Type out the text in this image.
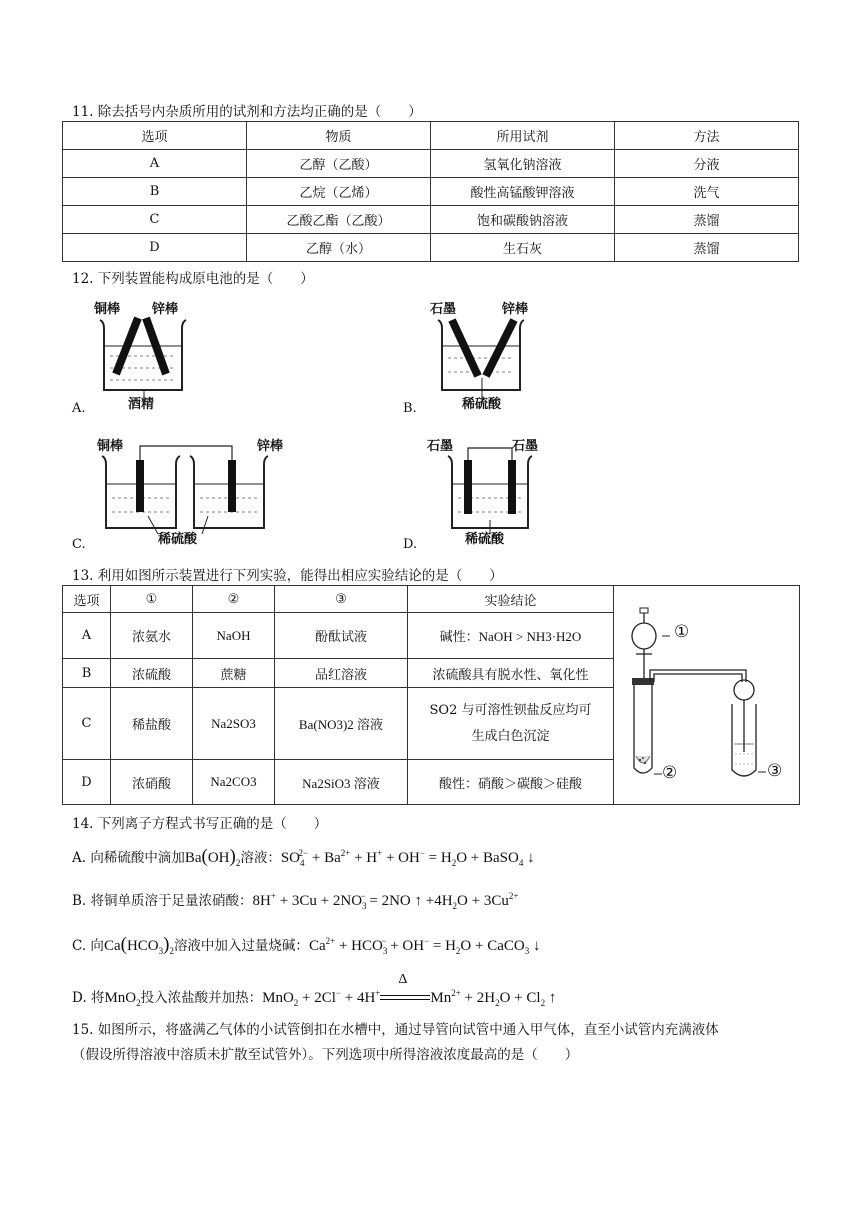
11. 除去括号内杂质所用的试剂和方法均正确的是（　　）
选项	物质	所用试剂	方法
A	乙醇（乙酸）	氢氧化钠溶液	分液
B	乙烷（乙烯）	酸性高锰酸钾溶液	洗气
C	乙酸乙酯（乙酸）	饱和碳酸钠溶液	蒸馏
D	乙醇（水）	生石灰	蒸馏
12. 下列装置能构成原电池的是（　　）
铜棒 锌棒
酒精
A.
石墨	锌棒
稀硫酸
B.
铜棒	锌棒
稀硫酸
C.
石墨	石墨
稀硫酸
D.
13. 利用如图所示装置进行下列实验，能得出相应实验结论的是（　　）
选项	①	②	③	实验结论	①
② ③

A	浓氨水	NaOH	酚酞试液	碱性：NaOH > NH3·H2O	
B	浓硫酸	蔗糖	品红溶液	浓硫酸具有脱水性、氧化性	
C	稀盐酸	Na2SO3	Ba(NO3)2 溶液	SO2 与可溶性钡盐反应均可
生成白色沉淀	

D	浓硝酸	Na2CO3	Na2SiO3 溶液	酸性：硝酸＞碳酸＞硅酸	
14. 下列离子方程式书写正确的是（　　）
A. 向稀硫酸中滴加$Ba(OH)_2$溶液：$SO_4^{2-} + Ba^{2+} + H^+ + OH^- = H_2O$ + BaSO$_4$ ↓
B. 将铜单质溶于足量浓硝酸：$8H^+ + 3Cu + 2NO_3^- = 2NO$ ↑ $+4H_2O + 3Cu^{2+}$
C. 向$Ca(HCO_3)_2$溶液中加入过量烧碱：$Ca^{2+} + HCO_3^- + OH^- = H_2O$ + CaCO$_3$ ↓
D. 将MnO$_2$投入浓盐酸并加热：MnO$_2$ + 2Cl− + 4H+
Δ
$Mn^{2+} + 2H_2O + Cl_2$ ↑
15. 如图所示，将盛满乙气体的小试管倒扣在水槽中，通过导管向试管中通入甲气体，直至小试管内充满液体
（假设所得溶液中溶质未扩散至试管外）。下列选项中所得溶液浓度最高的是（　　）
